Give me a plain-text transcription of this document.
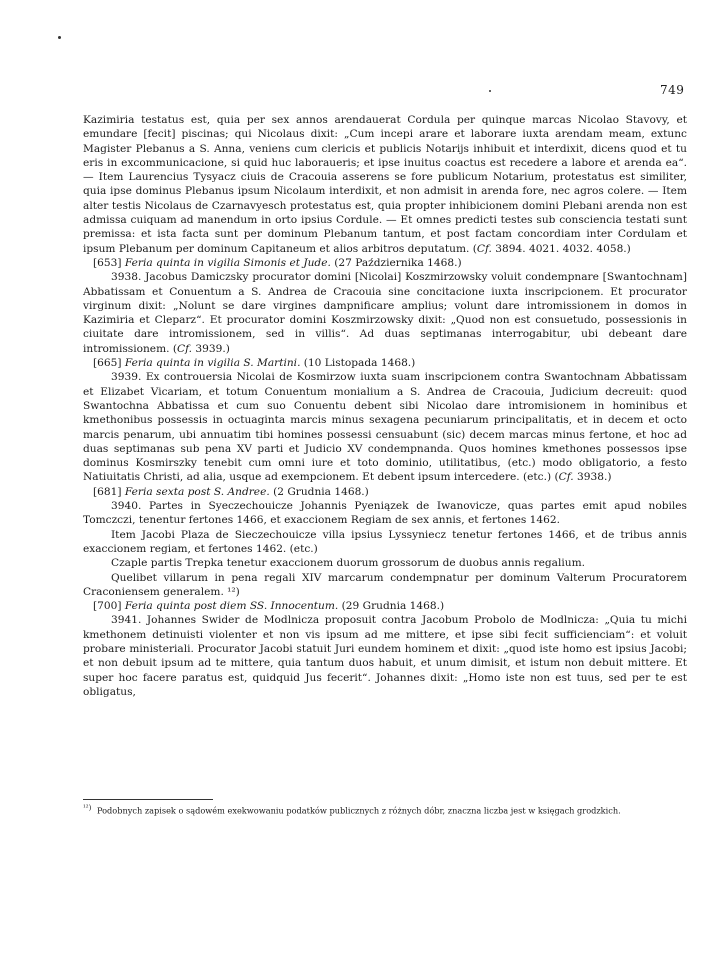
749

Kazimiria testatus est, quia per sex annos arendauerat Cordula per quinque marcas Nicolao Stavovy, et emundare [fecit] piscinas; qui Nicolaus dixit: „Cum incepi arare et laborare iuxta arendam meam, extunc Magister Plebanus a S. Anna, veniens cum clericis et publicis Notarijs inhibuit et interdixit, dicens quod et tu eris in excommunicacione, si quid huc laboraueris; et ipse inuitus coactus est recedere a labore et arenda ea“. — Item Laurencius Tysyacz ciuis de Cracouia asserens se fore publicum Notarium, protestatus est similiter, quia ipse dominus Plebanus ipsum Nicolaum interdixit, et non admisit in arenda fore, nec agros colere. — Item alter testis Nicolaus de Czarnavyesch protestatus est, quia propter inhibicionem domini Plebani arenda non est admissa cuiquam ad manendum in orto ipsius Cordule. — Et omnes predicti testes sub consciencia testati sunt premissa: et ista facta sunt per dominum Plebanum tantum, et post factam concordiam inter Cordulam et ipsum Plebanum per dominum Capitaneum et alios arbitros deputatum. (Cf. 3894. 4021. 4032. 4058.)

[653] Feria quinta in vigilia Simonis et Jude. (27 Października 1468.)

3938. Jacobus Damiczsky procurator domini [Nicolai] Koszmirzowsky voluit condempnare [Swantochnam] Abbatissam et Conuentum a S. Andrea de Cracouia sine concitacione iuxta inscripcionem. Et procurator virginum dixit: „Nolunt se dare virgines dampnificare amplius; volunt dare intromissionem in domos in Kazimiria et Cleparz“. Et procurator domini Koszmirzowsky dixit: „Quod non est consuetudo, possessionis in ciuitate dare intromissionem, sed in villis“. Ad duas septimanas interrogabitur, ubi debeant dare intromissionem. (Cf. 3939.)

[665] Feria quinta in vigilia S. Martini. (10 Listopada 1468.)

3939. Ex controuersia Nicolai de Kosmirzow iuxta suam inscripcionem contra Swantochnam Abbatissam et Elizabet Vicariam, et totum Conuentum monialium a S. Andrea de Cracouia, Judicium decreuit: quod Swantochna Abbatissa et cum suo Conuentu debent sibi Nicolao dare intromisionem in hominibus et kmethonibus possessis in octuaginta marcis minus sexagena pecuniarum principalitatis, et in decem et octo marcis penarum, ubi annuatim tibi homines possessi censuabunt (sic) decem marcas minus fertone, et hoc ad duas septimanas sub pena XV parti et Judicio XV condempnanda. Quos homines kmethones possessos ipse dominus Kosmirszky tenebit cum omni iure et toto dominio, utilitatibus, (etc.) modo obligatorio, a festo Natiuitatis Christi, ad alia, usque ad exempcionem. Et debent ipsum intercedere. (etc.) (Cf. 3938.)

[681] Feria sexta post S. Andree. (2 Grudnia 1468.)

3940. Partes in Syeczechouicze Johannis Pyeniązek de Iwanovicze, quas partes emit apud nobiles Tomczczi, tenentur fertones 1466, et exaccionem Regiam de sex annis, et fertones 1462.

Item Jacobi Plaza de Sieczechouicze villa ipsius Lyssyniecz tenetur fertones 1466, et de tribus annis exaccionem regiam, et fertones 1462. (etc.)

Czaple partis Trepka tenetur exaccionem duorum grossorum de duobus annis regalium.

Quelibet villarum in pena regali XIV marcarum condempnatur per dominum Valterum Procuratorem Craconiensem generalem. ¹²)

[700] Feria quinta post diem SS. Innocentum. (29 Grudnia 1468.)

3941. Johannes Swider de Modlnicza proposuit contra Jacobum Probolo de Modlnicza: „Quia tu michi kmethonem detinuisti violenter et non vis ipsum ad me mittere, et ipse sibi fecit sufficienciam“: et voluit probare ministeriali. Procurator Jacobi statuit Juri eundem hominem et dixit: „quod iste homo est ipsius Jacobi; et non debuit ipsum ad te mittere, quia tantum duos habuit, et unum dimisit, et istum non debuit mittere. Et super hoc facere paratus est, quidquid Jus fecerit“. Johannes dixit: „Homo iste non est tuus, sed per te est obligatus,

¹²) Podobnych zapisek o sądowém exekwowaniu podatków publicznych z różnych dóbr, znaczna liczba jest w księgach grodzkich.
